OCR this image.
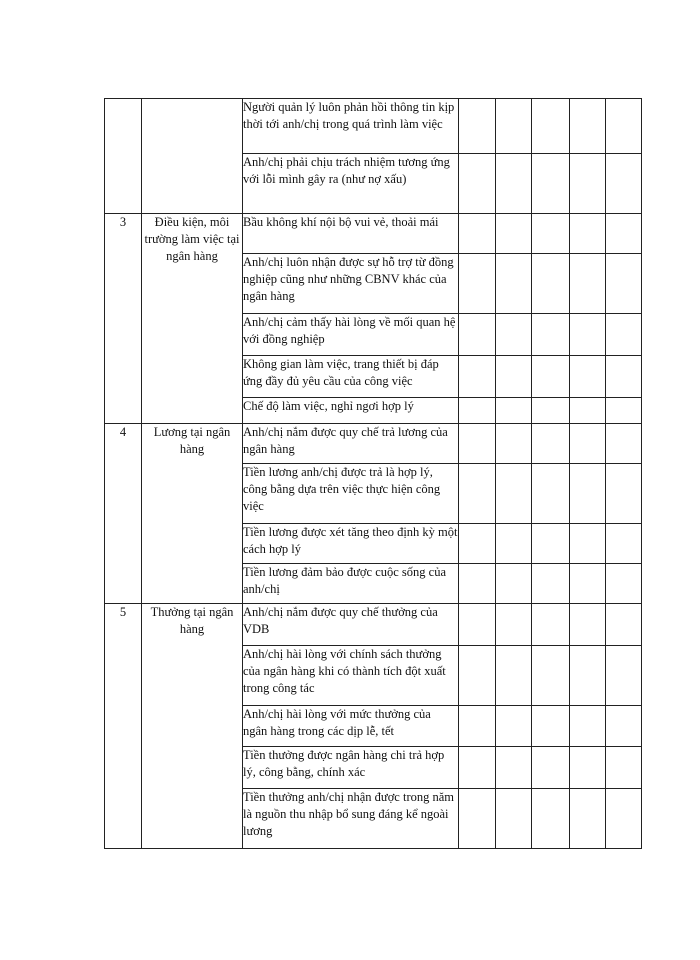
		Người quản lý luôn phản hồi thông tin kịp thời tới anh/chị trong quá trình làm việc					
		Anh/chị phải chịu trách nhiệm tương ứng với lỗi mình gây ra (như nợ xấu)					
3	Điều kiện, môi trường làm việc tại ngân hàng	Bầu không khí nội bộ vui vẻ, thoải mái					
		Anh/chị luôn nhận được sự hỗ trợ từ đồng nghiệp cũng như những CBNV khác của ngân hàng					
		Anh/chị cảm thấy hài lòng về mối quan hệ với đồng nghiệp					
		Không gian làm việc, trang thiết bị đáp ứng đầy đủ yêu cầu của công việc					
		Chế độ làm việc, nghỉ ngơi hợp lý					
4	Lương tại ngân hàng	Anh/chị nắm được quy chế trả lương của ngân hàng					
		Tiền lương anh/chị được trả là hợp lý, công bằng dựa trên việc thực hiện công việc					
		Tiền lương được xét tăng theo định kỳ một cách hợp lý					
		Tiền lương đảm bảo được cuộc sống của anh/chị					
5	Thưởng tại ngân hàng	Anh/chị nắm được quy chế thưởng của VDB					
		Anh/chị hài lòng với chính sách thưởng của ngân hàng khi có thành tích đột xuất trong công tác					
		Anh/chị hài lòng với mức thưởng của ngân hàng trong các dịp lễ, tết					
		Tiền thưởng được ngân hàng chi trả hợp lý, công bằng, chính xác					
		Tiền thưởng anh/chị nhận được trong năm là nguồn thu nhập bổ sung đáng kể ngoài lương					
